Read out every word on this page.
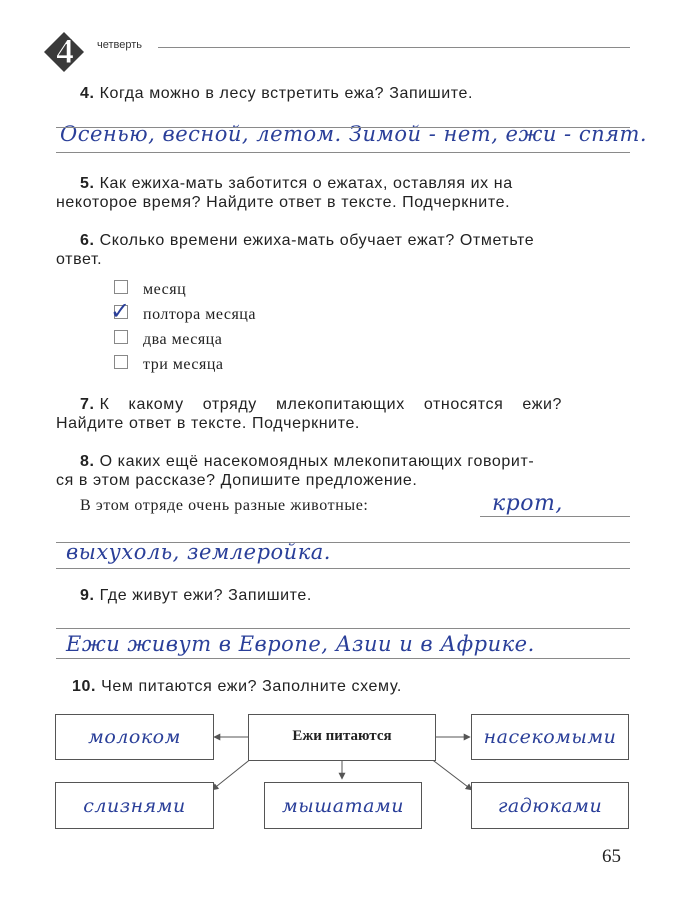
4 четверть
4. Когда можно в лесу встретить ежа? Запишите.
Осенью, весной, летом. Зимой - нет, ежи - спят.
5. Как ежиха-мать заботится о ежатах, оставляя их на
некоторое время? Найдите ответ в тексте. Подчеркните.
6. Сколько времени ежиха-мать обучает ежат? Отметьте
ответ.
месяц
✓ полтора месяца
два месяца
три месяца
7. К какому отряду млекопитающих относятся ежи?
Найдите ответ в тексте. Подчеркните.
8. О каких ещё насекомоядных млекопитающих говорит-
ся в этом рассказе? Допишите предложение.
В этом отряде очень разные животные:	крот,
выхухоль, землеройка.
9. Где живут ежи? Запишите.
Ежи живут в Европе, Азии и в Африке.
10. Чем питаются ежи? Заполните схему.
Ежи питаются
молоком	насекомыми
слизнями	мышатами	гадюками
65
